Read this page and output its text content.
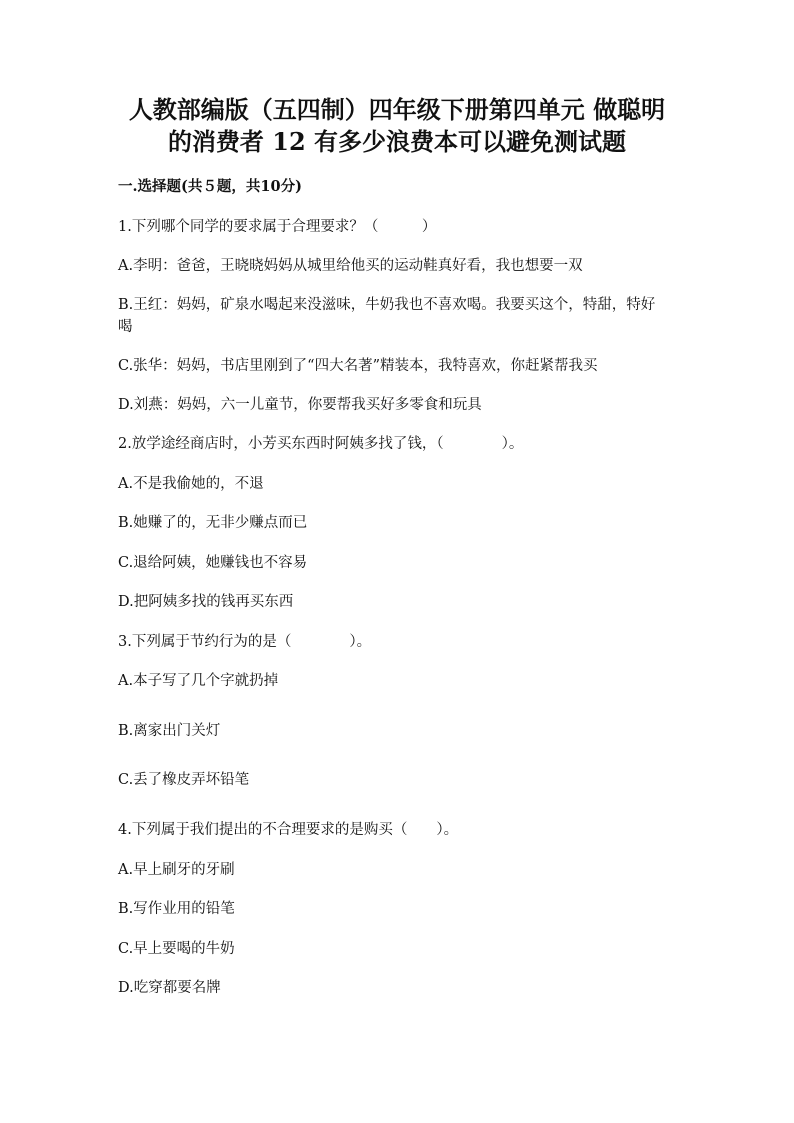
人教部编版（五四制）四年级下册第四单元 做聪明
的消费者 12 有多少浪费本可以避免测试题
一.选择题(共５题，共10分)
1.下列哪个同学的要求属于合理要求？（　　　）
A.李明：爸爸，王晓晓妈妈从城里给他买的运动鞋真好看，我也想要一双
B.王红：妈妈，矿泉水喝起来没滋味，牛奶我也不喜欢喝。我要买这个，特甜，特好喝
C.张华：妈妈，书店里刚到了“四大名著”精装本，我特喜欢，你赶紧帮我买
D.刘燕：妈妈，六一儿童节，你要帮我买好多零食和玩具
2.放学途经商店时，小芳买东西时阿姨多找了钱，（　　　　）。
A.不是我偷她的，不退
B.她赚了的，无非少赚点而已
C.退给阿姨，她赚钱也不容易
D.把阿姨多找的钱再买东西
3.下列属于节约行为的是（　　　　）。
A.本子写了几个字就扔掉
B.离家出门关灯
C.丢了橡皮弄坏铅笔
4.下列属于我们提出的不合理要求的是购买（　　）。
A.早上刷牙的牙刷
B.写作业用的铅笔
C.早上要喝的牛奶
D.吃穿都要名牌
